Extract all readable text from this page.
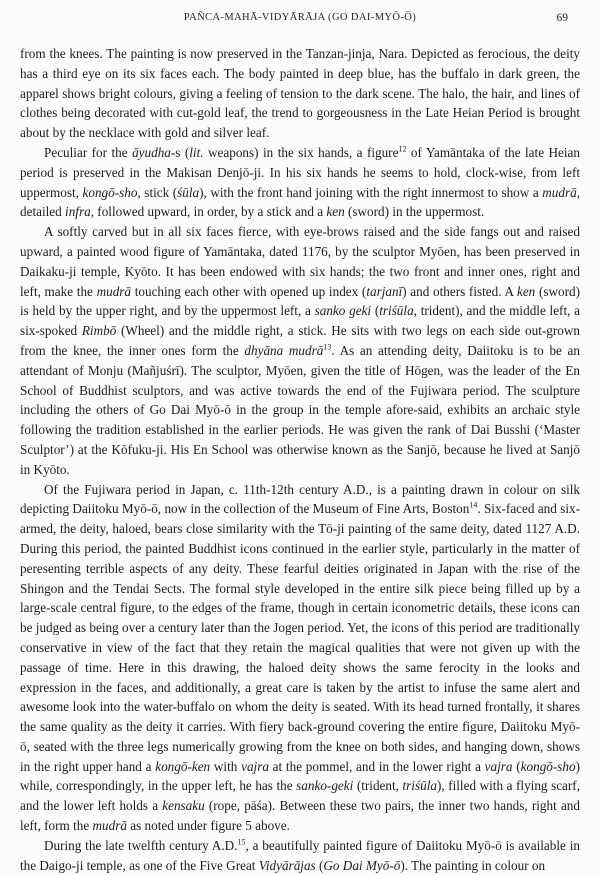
PAÑCA-MAHĀ-VIDYĀRĀJA (GO DAI-MYŌ-Ō)	69

from the knees. The painting is now preserved in the Tanzan-jinja, Nara. Depicted as ferocious, the deity has a third eye on its six faces each. The body painted in deep blue, has the buffalo in dark green, the apparel shows bright colours, giving a feeling of tension to the dark scene. The halo, the hair, and lines of clothes being decorated with cut-gold leaf, the trend to gorgeousness in the Late Heian Period is brought about by the necklace with gold and silver leaf.

Peculiar for the āyudha-s (lit. weapons) in the six hands, a figure$^{12}$ of Yamāntaka of the late Heian period is preserved in the Makisan Denjō-ji. In his six hands he seems to hold, clock-wise, from left uppermost, kongō-sho, stick (śūla), with the front hand joining with the right innermost to show a mudrā, detailed infra, followed upward, in order, by a stick and a ken (sword) in the uppermost.

A softly carved but in all six faces fierce, with eye-brows raised and the side fangs out and raised upward, a painted wood figure of Yamāntaka, dated 1176, by the sculptor Myōen, has been preserved in Daikaku-ji temple, Kyōto. It has been endowed with six hands; the two front and inner ones, right and left, make the mudrā touching each other with opened up index (tarjanī) and others fisted. A ken (sword) is held by the upper right, and by the uppermost left, a sanko geki (triśūla, trident), and the middle left, a six-spoked Rimbō (Wheel) and the middle right, a stick. He sits with two legs on each side out-grown from the knee, the inner ones form the dhyāna mudrā$^{13}$. As an attending deity, Daiitoku is to be an attendant of Monju (Mañjuśrī). The sculptor, Myōen, given the title of Hōgen, was the leader of the En School of Buddhist sculptors, and was active towards the end of the Fujiwara period. The sculpture including the others of Go Dai Myō-ō in the group in the temple afore-said, exhibits an archaic style following the tradition established in the earlier periods. He was given the rank of Dai Busshi (‘Master Sculptor’) at the Kōfuku-ji. His En School was otherwise known as the Sanjō, because he lived at Sanjō in Kyōto.

Of the Fujiwara period in Japan, c. 11th-12th century A.D., is a painting drawn in colour on silk depicting Daiitoku Myō-ō, now in the collection of the Museum of Fine Arts, Boston$^{14}$. Six-faced and six-armed, the deity, haloed, bears close similarity with the Tō-ji painting of the same deity, dated 1127 A.D. During this period, the painted Buddhist icons continued in the earlier style, particularly in the matter of peresenting terrible aspects of any deity. These fearful deities originated in Japan with the rise of the Shingon and the Tendai Sects. The formal style developed in the entire silk piece being filled up by a large-scale central figure, to the edges of the frame, though in certain iconometric details, these icons can be judged as being over a century later than the Jogen period. Yet, the icons of this period are traditionally conservative in view of the fact that they retain the magical qualities that were not given up with the passage of time. Here in this drawing, the haloed deity shows the same ferocity in the looks and expression in the faces, and additionally, a great care is taken by the artist to infuse the same alert and awesome look into the water-buffalo on whom the deity is seated. With its head turned frontally, it shares the same quality as the deity it carries. With fiery back-ground covering the entire figure, Daiitoku Myō-ō, seated with the three legs numerically growing from the knee on both sides, and hanging down, shows in the right upper hand a kongō-ken with vajra at the pommel, and in the lower right a vajra (kongō-sho) while, correspondingly, in the upper left, he has the sanko-geki (trident, triśūla), filled with a flying scarf, and the lower left holds a kensaku (rope, pāśa). Between these two pairs, the inner two hands, right and left, form the mudrā as noted under figure 5 above.

During the late twelfth century A.D.$^{15}$, a beautifully painted figure of Daiitoku Myō-ō is available in the Daigo-ji temple, as one of the Five Great Vidyārājas (Go Dai Myō-ō). The painting in colour on
